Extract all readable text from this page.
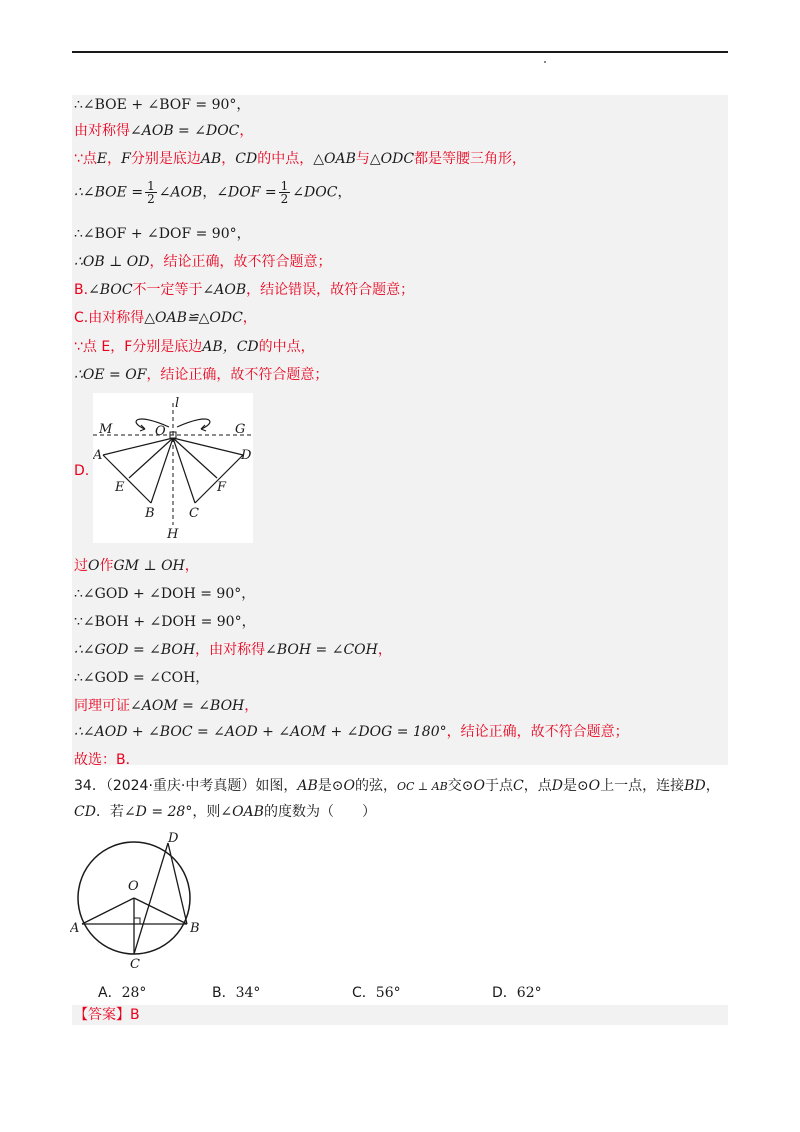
∴∠BOE + ∠BOF = 90°，
由对称得∠AOB = ∠DOC，
∵点E，F分别是底边AB，CD的中点，△OAB与△ODC都是等腰三角形，
∴∠BOE = $\frac{1}{2}$ ∠AOB，∠DOF = $\frac{1}{2}$ ∠DOC，
∴∠BOF + ∠DOF = 90°，
∴OB ⊥ OD，结论正确，故不符合题意；
B.∠BOC不一定等于∠AOB，结论错误，故符合题意；
C.由对称得△OAB≌△ODC，
∵点 E，F分别是底边AB，CD的中点，
∴OE = OF，结论正确，故不符合题意；
D.
l
M	O	G
A	D
E	F
B	C
H
过O作GM ⊥ OH，
∴∠GOD + ∠DOH = 90°，
∵∠BOH + ∠DOH = 90°，
∴∠GOD = ∠BOH，由对称得∠BOH = ∠COH，
∴∠GOD = ∠COH，
同理可证∠AOM = ∠BOH，
∴∠AOD + ∠BOC = ∠AOD + ∠AOM + ∠DOG = 180°，结论正确，故不符合题意；
故选：B．
34．（2024·重庆·中考真题）如图，AB是⊙O的弦，OC ⊥ AB交⊙O于点C，点D是⊙O上一点，连接BD，
CD．若∠D = 28°，则∠OAB的度数为（　　）
D
O
A	B
C
A．28°	B．34°	C．56°	D．62°
【答案】B
